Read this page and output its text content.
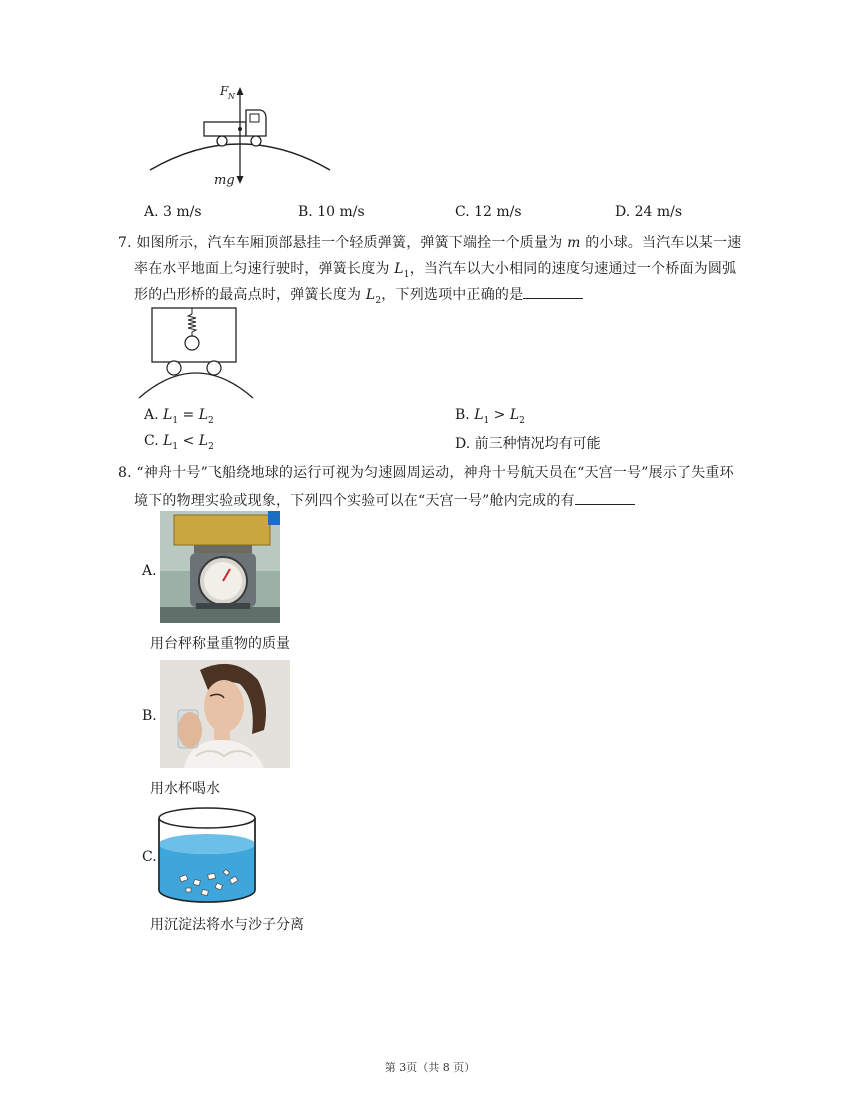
F N
mg
A. 3 m/s	B. 10 m/s	C. 12 m/s	D. 24 m/s
7. 如图所示，汽车车厢顶部悬挂一个轻质弹簧，弹簧下端拴一个质量为 m 的小球。当汽车以某一速
率在水平地面上匀速行驶时，弹簧长度为 $L_1$，当汽车以大小相同的速度匀速通过一个桥面为圆弧
形的凸形桥的最高点时，弹簧长度为 $L_2$，下列选项中正确的是
A. $L_1 = L_2$	B. $L_1 > L_2$
C. $L_1 < L_2$	D. 前三种情况均有可能
8. “神舟十号”飞船绕地球的运行可视为匀速圆周运动，神舟十号航天员在“天宫一号”展示了失重环
境下的物理实验或现象，下列四个实验可以在“天宫一号”舱内完成的有
A.
用台秤称量重物的质量
B.
用水杯喝水
C.
用沉淀法将水与沙子分离
第 3页（共 8 页）
